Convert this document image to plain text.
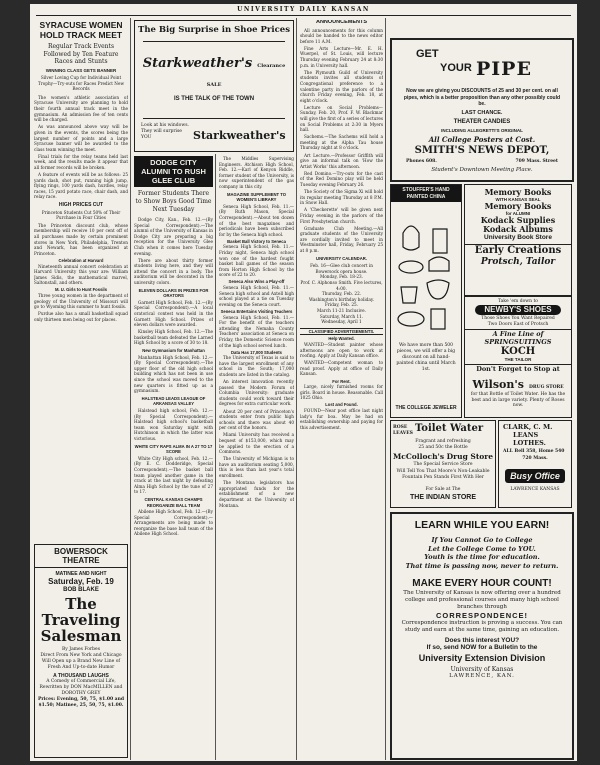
UNIVERSITY DAILY KANSAN
SYRACUSE WOMEN
HOLD TRACK MEET
Regular Track Events Followed by Ten Feature Races and Stunts
WINNING CLASS GETS BANNER
Silver Loving Cup for Individual Point Trophy—Try-outs for Races Predict New Records

The women's athletic association of Syracuse University are planning to hold their fourth annual track meet in the gymnasium. An admission fee of ten cents will be charged.

As was announced above way will be given in the events, the scores being the largest number of points and a large Syracuse banner will be awarded to the class team winning the meet.

Final trials for the relay teams held last week, and the results made it appear that all former records will be broken.

A feature of events will be as follows: 25 yards dash, shot put, running high jump, flying rings, 100 yards dash, hurdles, relay races, 15 yard potato race, chair dash, and relay race.

HIGH PRICES CUT
Princeton Students Cut 50% of Their Purchase in Four Cities

The Princeton discount club, whose membership will receive 10 per cent off of all purchases made by certain prominent stores in New York, Philadelphia, Trenton and Newark, has been organized at Princeton.

Celebration at Harvard

Nineteenth annual concert celebration at Harvard University this year are: William James Sidis, the mathematical marvel, Saltonstall, and others.

M. U. Girls to Hunt Fossils

Three young women in the department of geology of the University of Missouri will go to Wyoming this summer to hunt fossils.

Purdue also has a small basketball squad only thirteen men being out for places.

BOWERSOCK THEATRE
MATINEE AND NIGHT
Saturday, Feb. 19
BOB BLAKE
The Traveling Salesman
By James Forbes
Direct From New York and Chicago
Will Open up a Brand New Line of Fresh And Up-to-date Humor
A THOUSAND LAUGHS
A Comedy of Commercial Life, Rewritten by DON MacMILLEN and DOROTHY GREY
Prices: Evening, 50, 75, $1.00 and $1.50; Matinee, 25, 50, 75, $1.00.
The Big Surprise in Shoe Prices
Starkweather's Clearance SALE
IS THE TALK OF THE TOWN
Look at his windows. They will surprise YOU	Starkweather's
DODGE CITY ALUMNI TO RUSH GLEE CLUB
Former Students There to Show Boys Good Time Next Tuesday

Dodge City, Kan., Feb. 12.—(By Special Correspondent).—The alumni of the University of Kansas in Dodge City are preparing a big reception for the University Glee Club when it comes here Tuesday evening.

There are about thirty former students living here, and they will attend the concert in a body. The auditorium will be decorated in the university colors.

ELEVEN DOLLARS IN PRIZES FOR ORATORS

Garnett High School, Feb. 12.—(By Special Correspondent).—A local oratorical contest was held in the Garnett High School. Prizes of eleven dollars were awarded.

Kinsley High School, Feb. 12.—The basketball team defeated the Larned High School by a score of 30 to 18.

New Gymnasium for Manhattan

Manhattan High School, Feb. 12.—(By Special Correspondent).—The upper floor of the old high school building which has not been in use since the school was moved to the new quarters is fitted up as a gymnasium.

HALSTEAD LEADS LEAGUE OF ARKANSAS VALLEY

Halstead high school, Feb. 12.—(By Special Correspondent).—Halstead high school's basketball team won Saturday night with Hutchinson in which the latter was victorious.

WHITE CITY RAPS ALMA IN A 27 TO 17 SCORE

White City High school, Feb. 12.—(By E. C. Dodderidge, Special Correspondent).—The basket ball team played another game in the crack at the last night by defeating Alma High School by the tune of 27 to 17.

CENTRAL KANSAS CHAMPS REORGANIZE BALL TEAM

Abilene High School, Feb. 12.—(By Special Correspondent).—Arrangements are being made to reorganize the base ball team of the Abilene High School.

The Middles Supervising Engineers. Atchison High School, Feb. 12.—Karl of Kenyon Riddle, former student of the University, is now superintendent of the gas company in this city.

MAGAZINE SUPPLEMENT TO WOMEN'S LIBRARY

Seneca High School, Feb. 11.—(By Ruth Mason, Special Correspondent).—About ten dozen of the best magazines and periodicals have been subscribed for by the Seneca high school.

Basket Ball Victory to Seneca

Seneca High School, Feb. 11.—Friday night, Seneca high school won one of the hardest fought basket ball games of the season from Horton High School by the score of 22 to 20.

Seneca Also Wins a Play-off

Seneca High School, Feb. 11.—Seneca high school and Axtell high school played at a tie on Tuesday evening on the Seneca court.

Seneca Entertains Visiting Teachers

Seneca High School, Feb. 11.—For the benefit of the teachers attending the Nemaha County Teachers' association at Seneca on Friday, the Domestic Science room of the high school served lunch.

Data Has 17,000 Students

The University of Texas is said to have the largest enrollment of any school in the South; 17,000 students are listed in the catalog.

An interest innovation recently passed the Modern Forum of Columbia University: graduate students could work toward their degrees for extra curricular work.

About 20 per cent of Princeton's students enter from public high schools and there was about 40 per cent of the honors.

Miami University has received a bequest of $153,000, which may be applied to the erection of a Commons.

The University of Michigan is to have an auditorium seating 5,000, this is less than last year's total enrollment.

The Montana legislators has appropriated funds for the establishment of a new department at the University of Montana.

ANNOUNCEMENTS

All announcements for this column should be handed to the news editor before 11 A.M.

Fine Arts Lecture—Mr. E. H. Wuerpel, of St. Louis, will lecture Thursday evening February 24 at 8:30 p.m. in University hall.

The Plymouth Guild of University students invites all students of Congregational preference to a valentine party in the parlors of the church Friday evening, Feb. 18, at eight o'clock.

Lecture on Social Problems—Sunday, Feb. 20, Prof. F. W. Blackmar will give the first of a series of lectures on Social Problems at 2:30 in Myers hall.

Sachems.—The Sachems will hold a meeting at the Alpha Tau house Thursday night at 8 o'clock.

Art Lecture.—Professor Griffith will give an informal talk on 'How the Artist Works' this afternoon.

Red Domino.—Try-outs for the cast of the Red Domino play will be held Tuesday evening February 26.

The Society of the Sigma Xi will hold its regular meeting Thursday at 8 P.M. in Snow Hall.

A 'Checkerette' will be given next Friday evening in the parlors of the First Presbyterian church.

Graduate Club Meeting.—All graduate students of the University are cordially invited to meet in Westminster hall, Friday, February 25 at 8 p.m.

UNIVERSITY CALENDAR.
Feb. 16—Glee club concert in Bowersock opera house.
Monday, Feb. 18-23.
Prof. C. Alphonso Smith. Five lectures, 4:00.
Thursday, Feb. 22.
Washington's birthday holiday.
Friday, Feb. 25.
March 11-21 Inclusive.
Saturday, March 11.
Wednesday, April 1
CLASSIFIED ADVERTISEMENTS.
Help Wanted.

WANTED—Student painter whose afternoons are open to work at roofing. Apply at Daily Kansan office.

WANTED—Competent woman to read proof. Apply at office of Daily Kansan.

For Rent.

Large, nicely furnished rooms for girls. Board in house. Reasonable. Call 1025 Ohio.

Lost and Found.

FOUND—Near post office last night lady's fur boa. May be had on establishing ownership and paying for this advertisement.

GET
YOUR PIPE
Now we are giving you DISCOUNTS of 25 and 30 per cent. on all pipes, which is a better proposition than any other possibly could be.
LAST CHANCE.
THEATER CANDIES
INCLUDING ALLEGRETTI'S ORIGINAL
All College Posters at Cost.
SMITH'S NEWS DEPOT,
Phones 608.	709 Mass. Street
Student's Downtown Meeting Place.
STOUFFER'S HAND PAINTED CHINA
We have more than 500 pieces, we will offer a big discount on all hand-painted china until March 1st.
THE COLLEGE JEWELER
Memory Books
WITH KANSAS SEAL
Memory Books
for ALUMNI
Kodack Supplies
Kodack Albums
University Book Store
Early Creations
Protsch, Tailor
Take 'em down to
NEWBY'S SHOES
Those Shoes You Want Repaired
Two Doors East of Protsch
A Fine Line of SPRINGSUITINGS
KOCH
THE TAILOR
Don't Forget to Stop at
Wilson's DRUG STORE
for that Bottle of Toilet Water. He has the best and in large variety. Plenty of Roses now.
ROSE LEAVES Toilet Water
Fragrant and refreshing
25 and 50c the Bottle
McColloch's Drug Store
The Special Service Store
Will Tell You That Moore's Non-Leakable Fountain Pen Stands First With Her
For Sale at The
THE INDIAN STORE
CLARK, C. M.
LEANS
LOTHES.
ALL Bell 358, Home 540
720 Mass.
Busy Office
LAWRENCE KANSAS
LEARN WHILE YOU EARN!
If You Cannot Go to College
Let the College Come to YOU.
Youth is the time for education.
That time is passing now, never to return.
MAKE EVERY HOUR COUNT!
The University of Kansas is now offering over a hundred college and professional courses and many high school branches through
CORRESPONDENCE!
Correspondence instruction is proving a success. You can study and earn at the same time, gaining an education.
Does this interest YOU?
If so, send NOW for a Bulletin to the
University Extension Division
University of Kansas
LAWRENCE, KAN.
